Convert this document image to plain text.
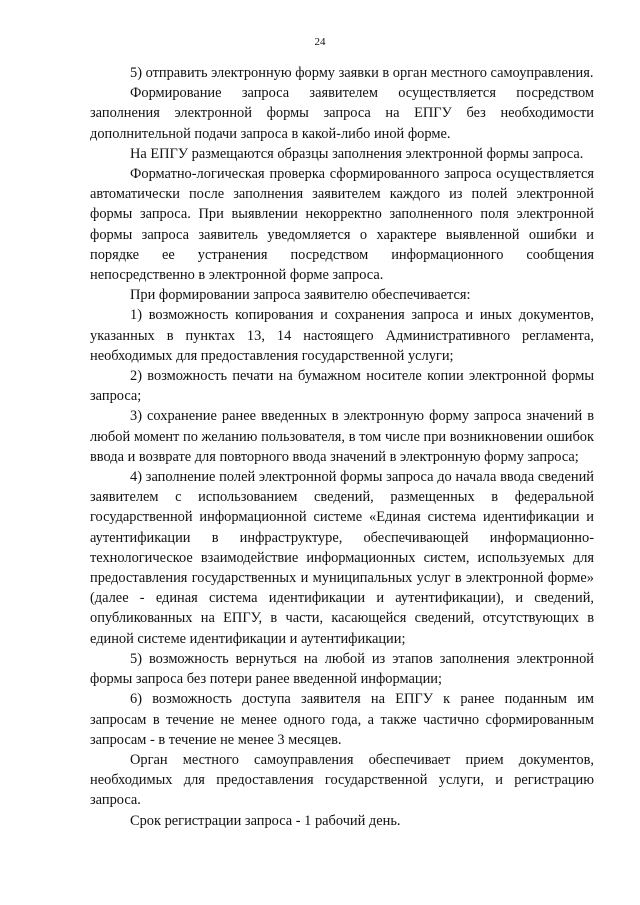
24

5) отправить электронную форму заявки в орган местного самоуправления.

Формирование запроса заявителем осуществляется посредством заполнения электронной формы запроса на ЕПГУ без необходимости дополнительной подачи запроса в какой-либо иной форме.

На ЕПГУ размещаются образцы заполнения электронной формы запроса.

Форматно-логическая проверка сформированного запроса осуществляется автоматически после заполнения заявителем каждого из полей электронной формы запроса. При выявлении некорректно заполненного поля электронной формы запроса заявитель уведомляется о характере выявленной ошибки и порядке ее устранения посредством информационного сообщения непосредственно в электронной форме запроса.

При формировании запроса заявителю обеспечивается:

1) возможность копирования и сохранения запроса и иных документов, указанных в пунктах 13, 14 настоящего Административного регламента, необходимых для предоставления государственной услуги;

2) возможность печати на бумажном носителе копии электронной формы запроса;

3) сохранение ранее введенных в электронную форму запроса значений в любой момент по желанию пользователя, в том числе при возникновении ошибок ввода и возврате для повторного ввода значений в электронную форму запроса;

4) заполнение полей электронной формы запроса до начала ввода сведений заявителем с использованием сведений, размещенных в федеральной государственной информационной системе «Единая система идентификации и аутентификации в инфраструктуре, обеспечивающей информационно-технологическое взаимодействие информационных систем, используемых для предоставления государственных и муниципальных услуг в электронной форме» (далее - единая система идентификации и аутентификации), и сведений, опубликованных на ЕПГУ, в части, касающейся сведений, отсутствующих в единой системе идентификации и аутентификации;

5) возможность вернуться на любой из этапов заполнения электронной формы запроса без потери ранее введенной информации;

6) возможность доступа заявителя на ЕПГУ к ранее поданным им запросам в течение не менее одного года, а также частично сформированным запросам - в течение не менее 3 месяцев.

Орган местного самоуправления обеспечивает прием документов, необходимых для предоставления государственной услуги, и регистрацию запроса.

Срок регистрации запроса - 1 рабочий день.
